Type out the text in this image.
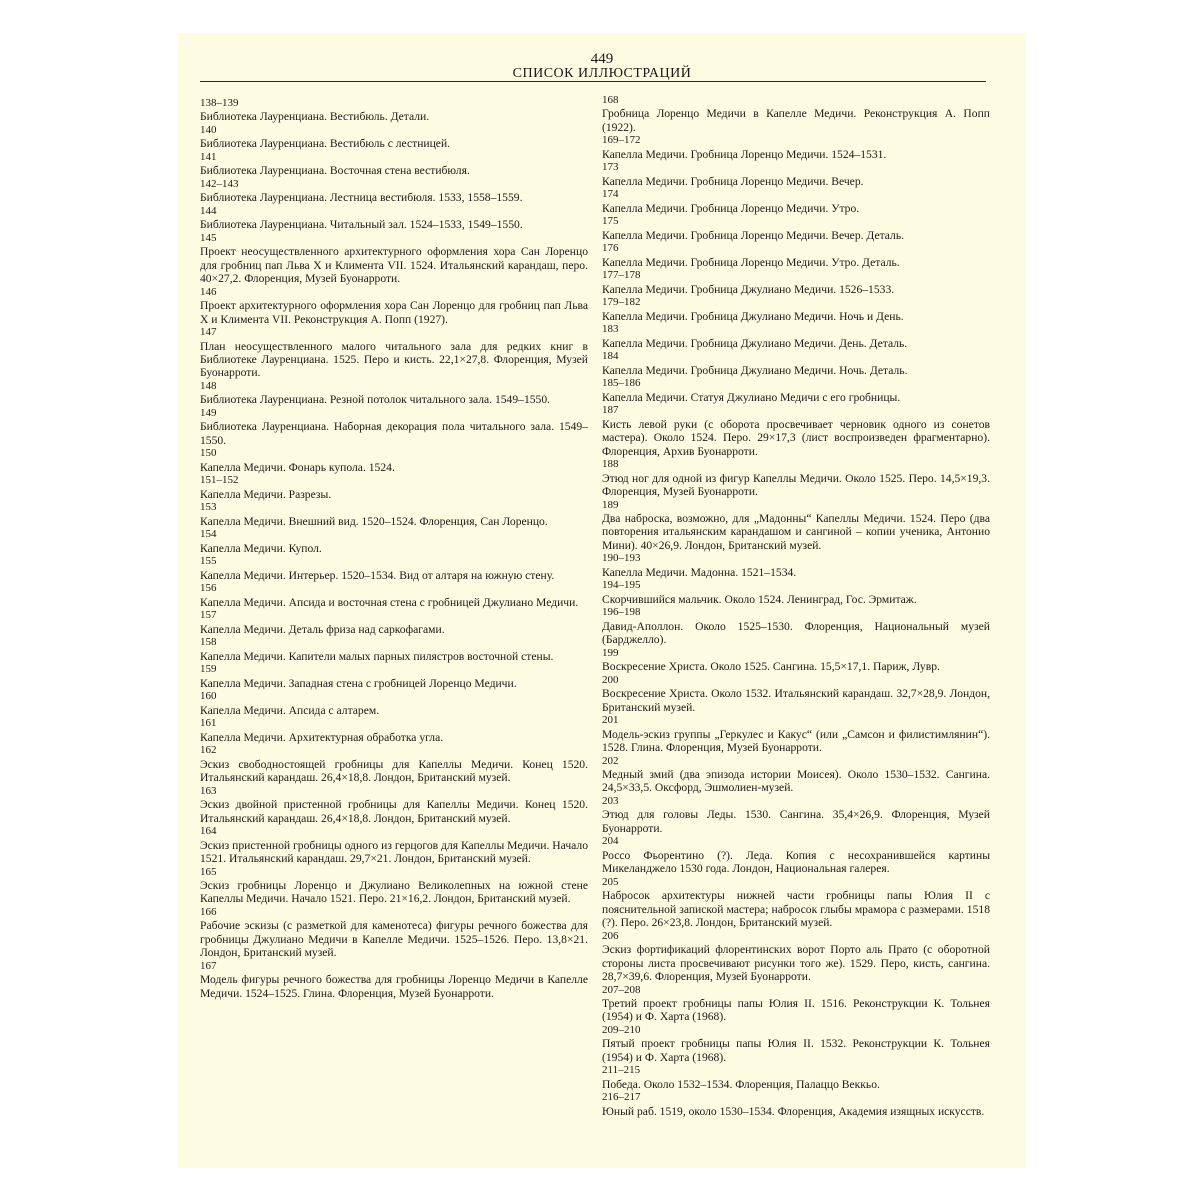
449
СПИСОК ИЛЛЮСТРАЦИЙ
138–139
Библиотека Лауренциана. Вестибюль. Детали.
140
Библиотека Лауренциана. Вестибюль с лестницей.
141
Библиотека Лауренциана. Восточная стена вестибюля.
142–143
Библиотека Лауренциана. Лестница вестибюля. 1533, 1558–1559.
144
Библиотека Лауренциана. Читальный зал. 1524–1533, 1549–1550.
145
Проект неосуществленного архитектурного оформления хора Сан Лоренцо для гробниц пап Льва X и Климента VII. 1524. Итальянский карандаш, перо. 40×27,2. Флоренция, Музей Буонарроти.
146
Проект архитектурного оформления хора Сан Лоренцо для гробниц пап Льва X и Климента VII. Реконструкция А. Попп (1927).
147
План неосуществленного малого читального зала для редких книг в Библиотеке Лауренциана. 1525. Перо и кисть. 22,1×27,8. Флоренция, Музей Буонарроти.
148
Библиотека Лауренциана. Резной потолок читального зала. 1549–1550.
149
Библиотека Лауренциана. Наборная декорация пола читального зала. 1549–1550.
150
Капелла Медичи. Фонарь купола. 1524.
151–152
Капелла Медичи. Разрезы.
153
Капелла Медичи. Внешний вид. 1520–1524. Флоренция, Сан Лоренцо.
154
Капелла Медичи. Купол.
155
Капелла Медичи. Интерьер. 1520–1534. Вид от алтаря на южную стену.
156
Капелла Медичи. Апсида и восточная стена с гробницей Джулиано Медичи.
157
Капелла Медичи. Деталь фриза над саркофагами.
158
Капелла Медичи. Капители малых парных пилястров восточной стены.
159
Капелла Медичи. Западная стена с гробницей Лоренцо Медичи.
160
Капелла Медичи. Апсида с алтарем.
161
Капелла Медичи. Архитектурная обработка угла.
162
Эскиз свободностоящей гробницы для Капеллы Медичи. Конец 1520. Итальянский карандаш. 26,4×18,8. Лондон, Британский музей.
163
Эскиз двойной пристенной гробницы для Капеллы Медичи. Конец 1520. Итальянский карандаш. 26,4×18,8. Лондон, Британский музей.
164
Эскиз пристенной гробницы одного из герцогов для Капеллы Медичи. Начало 1521. Итальянский карандаш. 29,7×21. Лондон, Британский музей.
165
Эскиз гробницы Лоренцо и Джулиано Великолепных на южной стене Капеллы Медичи. Начало 1521. Перо. 21×16,2. Лондон, Британский музей.
166
Рабочие эскизы (с разметкой для каменотеса) фигуры речного божества для гробницы Джулиано Медичи в Капелле Медичи. 1525–1526. Перо. 13,8×21. Лондон, Британский музей.
167
Модель фигуры речного божества для гробницы Лоренцо Медичи в Капелле Медичи. 1524–1525. Глина. Флоренция, Музей Буонарроти.
168
Гробница Лоренцо Медичи в Капелле Медичи. Реконструкция А. Попп (1922).
169–172
Капелла Медичи. Гробница Лоренцо Медичи. 1524–1531.
173
Капелла Медичи. Гробница Лоренцо Медичи. Вечер.
174
Капелла Медичи. Гробница Лоренцо Медичи. Утро.
175
Капелла Медичи. Гробница Лоренцо Медичи. Вечер. Деталь.
176
Капелла Медичи. Гробница Лоренцо Медичи. Утро. Деталь.
177–178
Капелла Медичи. Гробница Джулиано Медичи. 1526–1533.
179–182
Капелла Медичи. Гробница Джулиано Медичи. Ночь и День.
183
Капелла Медичи. Гробница Джулиано Медичи. День. Деталь.
184
Капелла Медичи. Гробница Джулиано Медичи. Ночь. Деталь.
185–186
Капелла Медичи. Статуя Джулиано Медичи с его гробницы.
187
Кисть левой руки (с оборота просвечивает черновик одного из сонетов мастера). Около 1524. Перо. 29×17,3 (лист воспроизведен фрагментарно). Флоренция, Архив Буонарроти.
188
Этюд ног для одной из фигур Капеллы Медичи. Около 1525. Перо. 14,5×19,3. Флоренция, Музей Буонарроти.
189
Два наброска, возможно, для „Мадонны“ Капеллы Медичи. 1524. Перо (два повторения итальянским карандашом и сангиной – копии ученика, Антонио Мини). 40×26,9. Лондон, Британский музей.
190–193
Капелла Медичи. Мадонна. 1521–1534.
194–195
Скорчившийся мальчик. Около 1524. Ленинград, Гос. Эрмитаж.
196–198
Давид-Аполлон. Около 1525–1530. Флоренция, Национальный музей (Барджелло).
199
Воскресение Христа. Около 1525. Сангина. 15,5×17,1. Париж, Лувр.
200
Воскресение Христа. Около 1532. Итальянский карандаш. 32,7×28,9. Лондон, Британский музей.
201
Модель-эскиз группы „Геркулес и Какус“ (или „Самсон и филистимлянин“). 1528. Глина. Флоренция, Музей Буонарроти.
202
Медный змий (два эпизода истории Моисея). Около 1530–1532. Сангина. 24,5×33,5. Оксфорд, Эшмолиен-музей.
203
Этюд для головы Леды. 1530. Сангина. 35,4×26,9. Флоренция, Музей Буонарроти.
204
Россо Фьорентино (?). Леда. Копия с несохранившейся картины Микеланджело 1530 года. Лондон, Национальная галерея.
205
Набросок архитектуры нижней части гробницы папы Юлия II с пояснительной запиской мастера; набросок глыбы мрамора с размерами. 1518 (?). Перо. 26×23,8. Лондон, Британский музей.
206
Эскиз фортификаций флорентинских ворот Порто аль Прато (с оборотной стороны листа просвечивают рисунки того же). 1529. Перо, кисть, сангина. 28,7×39,6. Флоренция, Музей Буонарроти.
207–208
Третий проект гробницы папы Юлия II. 1516. Реконструкции К. Тольнея (1954) и Ф. Харта (1968).
209–210
Пятый проект гробницы папы Юлия II. 1532. Реконструкции К. Тольнея (1954) и Ф. Харта (1968).
211–215
Победа. Около 1532–1534. Флоренция, Палаццо Веккьо.
216–217
Юный раб. 1519, около 1530–1534. Флоренция, Академия изящных искусств.
